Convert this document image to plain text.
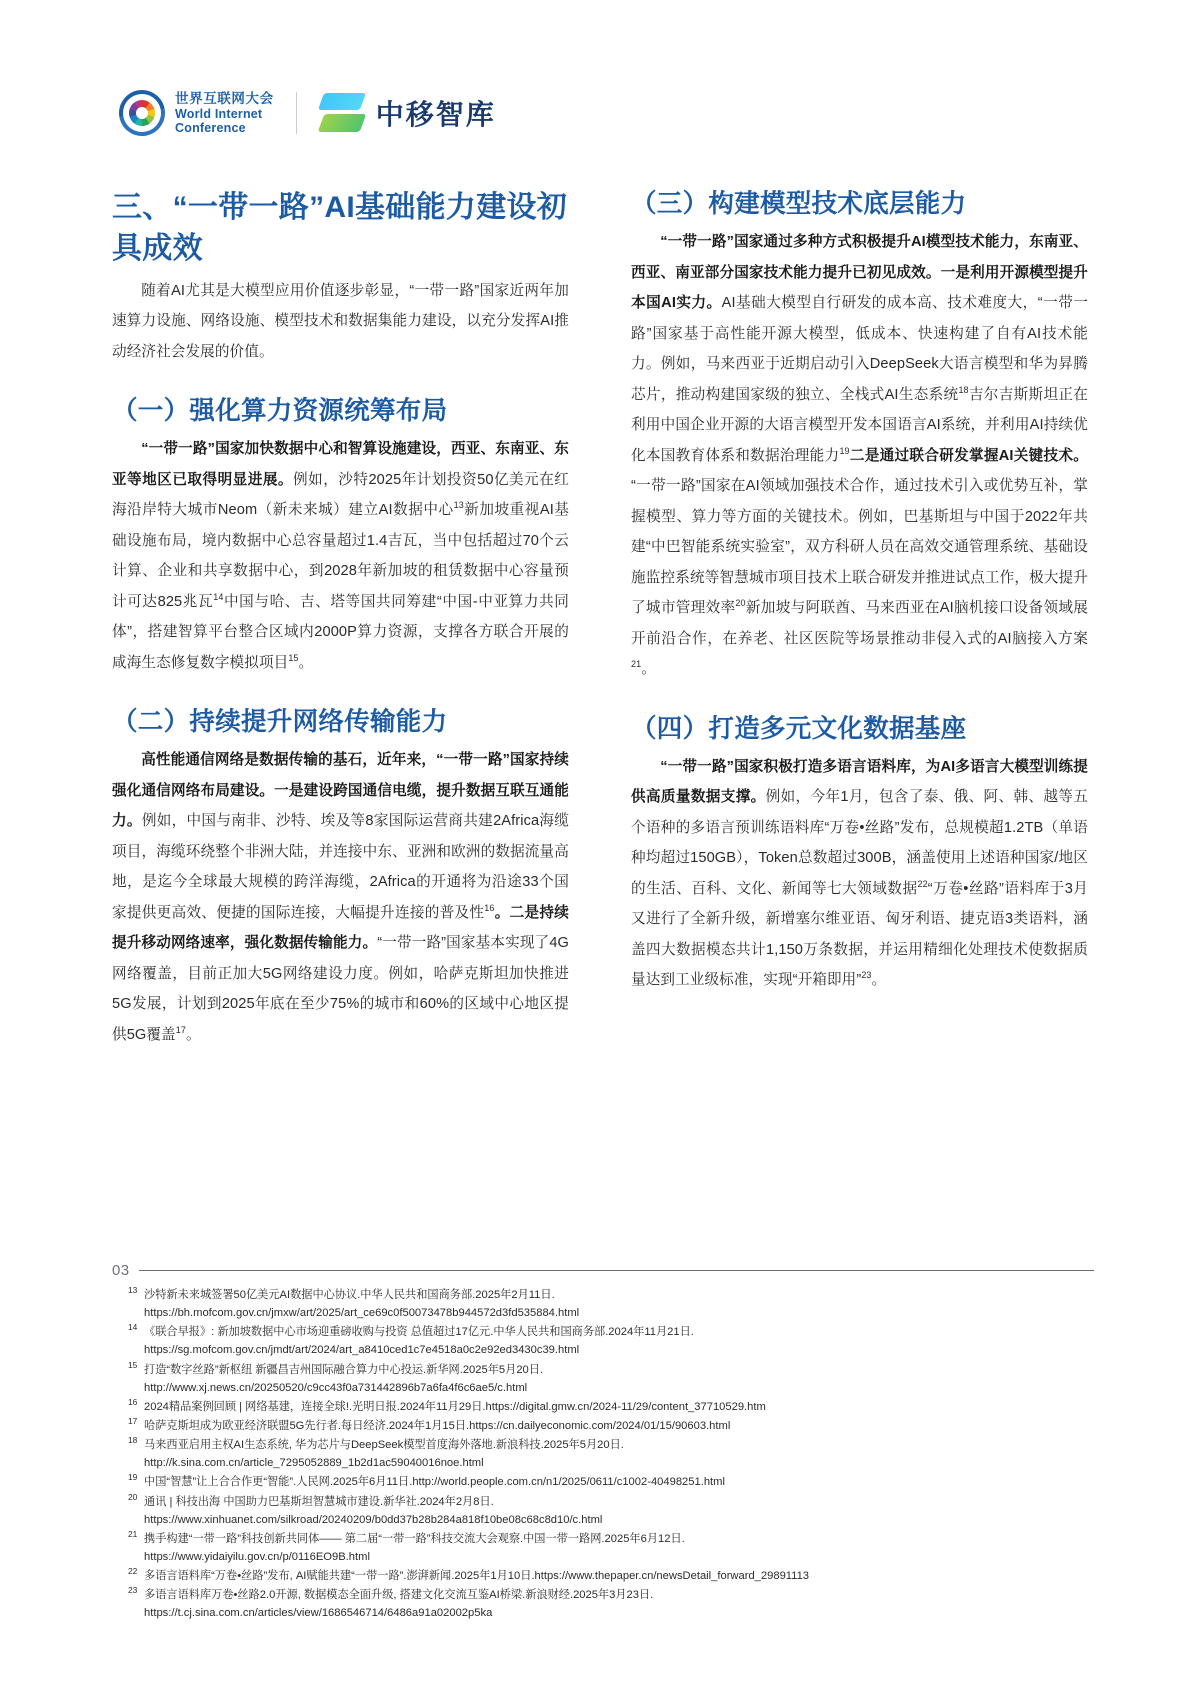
世界互联网大会
World Internet
Conference	中移智库
三、“一带一路”AI基础能力建设初具成效

随着AI尤其是大模型应用价值逐步彰显，“一带一路”国家近两年加速算力设施、网络设施、模型技术和数据集能力建设，以充分发挥AI推动经济社会发展的价值。

（一）强化算力资源统筹布局

“一带一路”国家加快数据中心和智算设施建设，西亚、东南亚、东亚等地区已取得明显进展。例如，沙特2025年计划投资50亿美元在红海沿岸特大城市Neom（新未来城）建立AI数据中心$^{13}$新加坡重视AI基础设施布局，境内数据中心总容量超过1.4吉瓦，当中包括超过70个云计算、企业和共享数据中心，到2028年新加坡的租赁数据中心容量预计可达825兆瓦$^{14}$中国与哈、吉、塔等国共同筹建“中国-中亚算力共同体”，搭建智算平台整合区域内2000P算力资源，支撑各方联合开展的咸海生态修复数字模拟项目$^{15}$。

（二）持续提升网络传输能力

高性能通信网络是数据传输的基石，近年来，“一带一路”国家持续强化通信网络布局建设。一是建设跨国通信电缆，提升数据互联互通能力。例如，中国与南非、沙特、埃及等8家国际运营商共建2Africa海缆项目，海缆环绕整个非洲大陆，并连接中东、亚洲和欧洲的数据流量高地，是迄今全球最大规模的跨洋海缆，2Africa的开通将为沿途33个国家提供更高效、便捷的国际连接，大幅提升连接的普及性$^{16}$。二是持续提升移动网络速率，强化数据传输能力。“一带一路”国家基本实现了4G网络覆盖，目前正加大5G网络建设力度。例如，哈萨克斯坦加快推进5G发展，计划到2025年底在至少75%的城市和60%的区域中心地区提供5G覆盖$^{17}$。

（三）构建模型技术底层能力

“一带一路”国家通过多种方式积极提升AI模型技术能力，东南亚、西亚、南亚部分国家技术能力提升已初见成效。一是利用开源模型提升本国AI实力。AI基础大模型自行研发的成本高、技术难度大，“一带一路”国家基于高性能开源大模型，低成本、快速构建了自有AI技术能力。例如，马来西亚于近期启动引入DeepSeek大语言模型和华为昇腾芯片，推动构建国家级的独立、全栈式AI生态系统$^{18}$吉尔吉斯斯坦正在利用中国企业开源的大语言模型开发本国语言AI系统，并利用AI持续优化本国教育体系和数据治理能力$^{19}$二是通过联合研发掌握AI关键技术。“一带一路”国家在AI领域加强技术合作，通过技术引入或优势互补，掌握模型、算力等方面的关键技术。例如，巴基斯坦与中国于2022年共建“中巴智能系统实验室”，双方科研人员在高效交通管理系统、基础设施监控系统等智慧城市项目技术上联合研发并推进试点工作，极大提升了城市管理效率$^{20}$新加坡与阿联酋、马来西亚在AI脑机接口设备领域展开前沿合作，在养老、社区医院等场景推动非侵入式的AI脑接入方案$^{21}$。

（四）打造多元文化数据基座

“一带一路”国家积极打造多语言语料库，为AI多语言大模型训练提供高质量数据支撑。例如，今年1月，包含了泰、俄、阿、韩、越等五个语种的多语言预训练语料库“万卷•丝路”发布，总规模超1.2TB（单语种均超过150GB），Token总数超过300B，涵盖使用上述语种国家/地区的生活、百科、文化、新闻等七大领域数据$^{22}$“万卷•丝路”语料库于3月又进行了全新升级，新增塞尔维亚语、匈牙利语、捷克语3类语料，涵盖四大数据模态共计1,150万条数据，并运用精细化处理技术使数据质量达到工业级标准，实现“开箱即用”$^{23}$。

03
13 沙特新未来城签署50亿美元AI数据中心协议.中华人民共和国商务部.2025年2月11日.
https://bh.mofcom.gov.cn/jmxw/art/2025/art_ce69c0f50073478b944572d3fd535884.html
14 《联合早报》: 新加坡数据中心市场迎重磅收购与投资 总值超过17亿元.中华人民共和国商务部.2024年11月21日.
https://sg.mofcom.gov.cn/jmdt/art/2024/art_a8410ced1c7e4518a0c2e92ed3430c39.html
15 打造“数字丝路”新枢纽 新疆昌吉州国际融合算力中心投运.新华网.2025年5月20日.
http://www.xj.news.cn/20250520/c9cc43f0a731442896b7a6fa4f6c6ae5/c.html
16 2024精品案例回顾 | 网络基建，连接全球!.光明日报.2024年11月29日.https://digital.gmw.cn/2024-11/29/content_37710529.htm
17 哈萨克斯坦成为欧亚经济联盟5G先行者.每日经济.2024年1月15日.https://cn.dailyeconomic.com/2024/01/15/90603.html
18 马来西亚启用主权AI生态系统, 华为芯片与DeepSeek模型首度海外落地.新浪科技.2025年5月20日.
http://k.sina.com.cn/article_7295052889_1b2d1ac59040016noe.html
19 中国“智慧”让上合合作更“智能”.人民网.2025年6月11日.http://world.people.com.cn/n1/2025/0611/c1002-40498251.html
20 通讯 | 科技出海 中国助力巴基斯坦智慧城市建设.新华社.2024年2月8日.
https://www.xinhuanet.com/silkroad/20240209/b0dd37b28b284a818f10be08c68c8d10/c.html
21 携手构建“一带一路”科技创新共同体—— 第二届“一带一路”科技交流大会观察.中国一带一路网.2025年6月12日.
https://www.yidaiyilu.gov.cn/p/0116EO9B.html
22 多语言语料库“万卷•丝路”发布, AI赋能共建“一带一路”.澎湃新闻.2025年1月10日.https://www.thepaper.cn/newsDetail_forward_29891113
23 多语言语料库万卷•丝路2.0开源, 数据模态全面升级, 搭建文化交流互鉴AI桥梁.新浪财经.2025年3月23日.
https://t.cj.sina.com.cn/articles/view/1686546714/6486a91a02002p5ka
